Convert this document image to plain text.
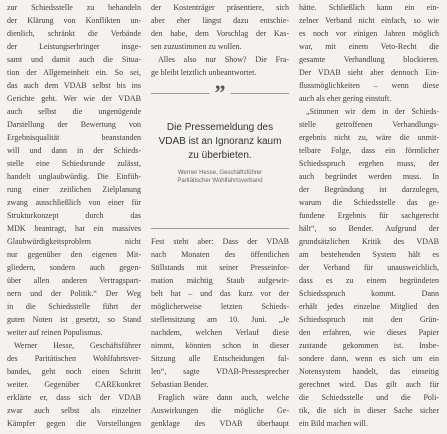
zur Schiedsstelle zu behandeln
der Klärung von Konflikten un-
dienlich, schränkt die Verbände
der Leistungserbringer insge-
samt und damit auch die Situa-
tion der Allgemeinheit ein. So sei,
das auch dem VDAB selbst bis ins
Gerichte geht. Wer wie der VDAB
auch selbst die ungenügende
Darstellung der Bewertung von
Ergebnisqualität beanstanden
will und dann in der Schieds-
stelle eine Schiedsrunde zulässt,
handelt unglaubwürdig. Die Einfüh-
rung einer zeitlichen Zielplanung
zwang ausschließlich von einer für
Strukturkonzept durch das
MDK beantragt, hat ein massives
Glaubwürdigkeitsproblem nicht
nur gegenüber den eigenen Mit-
gliedern, sondern auch gegen-
über allen anderen Vertragspart-
nern und der Politik.“ Der Weg
in die Schiedsstelle führt der
guten Noten ist gesetzt, so Stand
weiter auf reinen Populismus.
Werner Hesse, Geschäftsführer
des Paritätischen Wohlfahrtsver-
bandes, geht noch einen Schritt
weiter. Gegenüber CAREkonkret
erklärte er, dass sich der VDAB
zwar auch selbst als einzelner
Kämpfer gegen die Vorstellungen
der Kostenträger präsentiere, sich
aber eher längst dazu entschie-
den habe, dem Vorschlag der Kas-
sen zuzustimmen zu wollen.
Alles also nur Show? Die Fra-
ge bleibt letztlich unbeantwortet.
”
Die Pressemeldung des
VDAB ist an Ignoranz kaum
zu überbieten.
Werner Hesse, Geschäftsführer
Paritätischer Wohlfahrtsverband
Fest steht aber: Dass der VDAB
nach Monaten des öffentlichen
Stillstands mit seiner Presseinfor-
mation mächtig Staub aufgewir-
belt hat – und das kurz vor der
möglicherweise letzten Schieds-
stellensitzung am 10. Juni. „Je
nachdem, welchen Verlauf diese
nimmt, könnten schon in dieser
Sitzung alle Entscheidungen fal-
len“, sagte VDAB-Pressesprecher
Sebastian Bender.
Fraglich wäre dann auch, welche
Auswirkungen die mögliche Ge-
genklage des VDAB überhaupt
hätte. Schließlich kann ein ein-
zelner Verband nicht einfach, so wie
es noch vor einigen Jahren möglich
war, mit einem Veto-Recht die
gesamte Verhandlung blockieren.
Der VDAB sieht aber dennoch Ein-
flussmöglichkeiten – wenn diese
auch als eher gering einstuft.
„Stimmen wir dem in der Schieds-
stelle getroffenen Verhandlungs-
ergebnis nicht zu, wäre die unmit-
telbare Folge, dass ein förmlicher
Schiedsspruch ergehen muss, der
auch begründet werden muss. In
der Begründung ist darzulegen,
warum die Schiedsstelle das ge-
fundene Ergebnis für sachgerecht
hält“, so Bender. Aufgrund der
grundsätzlichen Kritik des VDAB
am bestehenden System hält es
der Verband für unausweichlich,
dass es zu einem begründeten
Schiedsspruch kommt. Dann
erhält jedes einzelne Mitglied den
Schiedsspruch mit den Grün-
den erfahren, wie dieses Papier
zustande gekommen ist. Insbe-
sondere dann, wenn es sich um ein
Notensystem handelt, das einseitig
gerechnet wird. Das gilt auch für
die Schiedsstelle und die Poli-
tik, die sich in dieser Sache sicher
ein Bild machen will.
